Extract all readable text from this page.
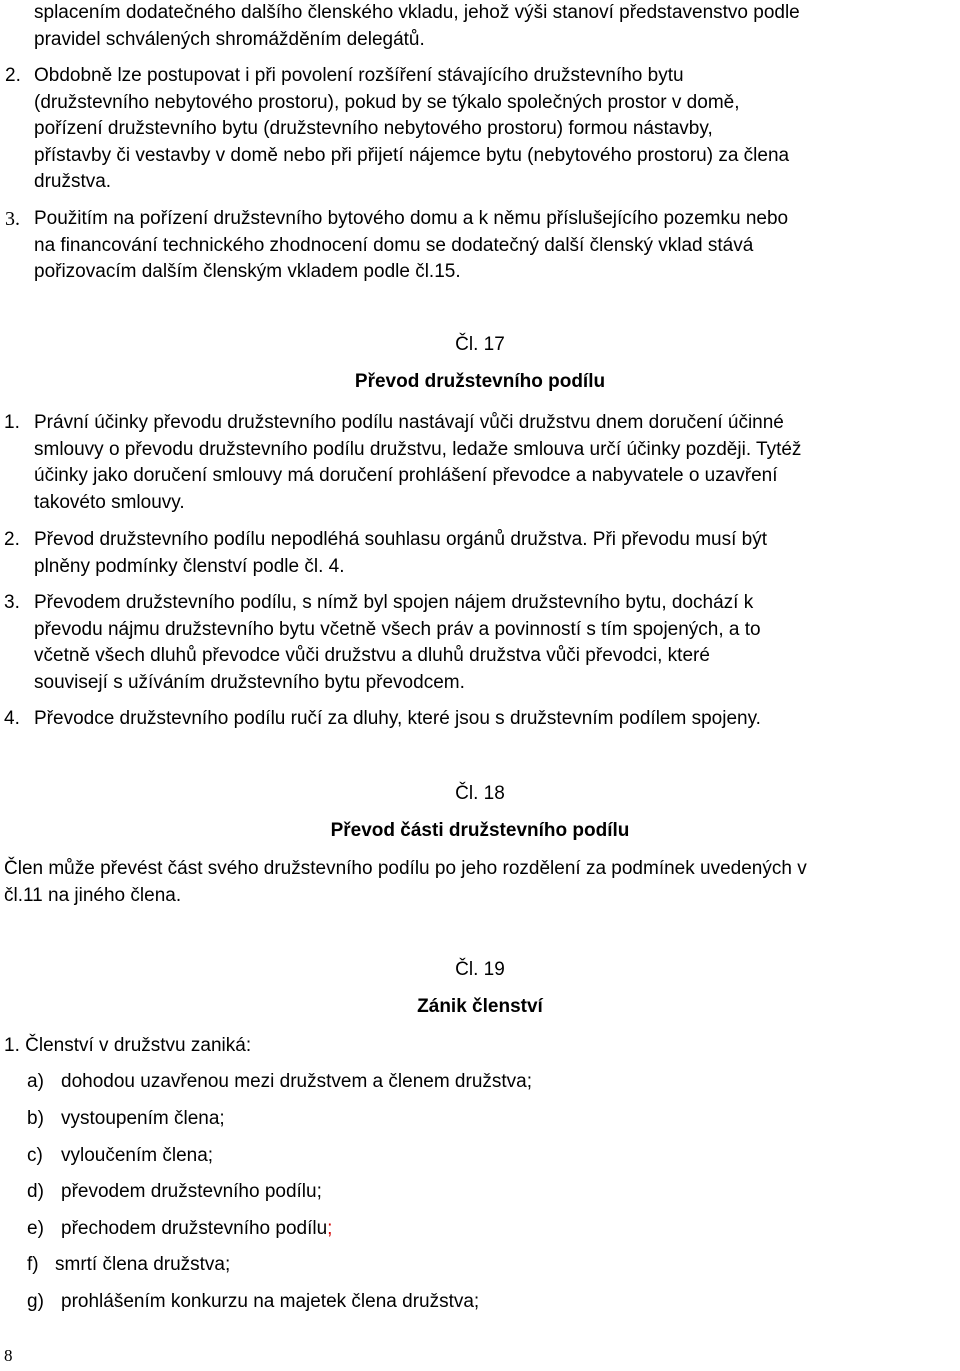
splacením dodatečného dalšího členského vkladu, jehož výši stanoví představenstvo podle
pravidel schválených shromážděním delegátů.
2. Obdobně lze postupovat i při povolení rozšíření stávajícího družstevního bytu
(družstevního nebytového prostoru), pokud by se týkalo společných prostor v domě,
pořízení družstevního bytu (družstevního nebytového prostoru) formou nástavby,
přístavby či vestavby v domě nebo při přijetí nájemce bytu (nebytového prostoru) za člena
družstva.
3. Použitím na pořízení družstevního bytového domu a k němu příslušejícího pozemku nebo
na financování technického zhodnocení domu se dodatečný další členský vklad stává
pořizovacím dalším členským vkladem podle čl.15.
Čl. 17
Převod družstevního podílu
1. Právní účinky převodu družstevního podílu nastávají vůči družstvu dnem doručení účinné
smlouvy o převodu družstevního podílu družstvu, ledaže smlouva určí účinky později. Tytéž
účinky jako doručení smlouvy má doručení prohlášení převodce a nabyvatele o uzavření
takovéto smlouvy.
2. Převod družstevního podílu nepodléhá souhlasu orgánů družstva. Při převodu musí být
plněny podmínky členství podle čl. 4.
3. Převodem družstevního podílu, s nímž byl spojen nájem družstevního bytu, dochází k
převodu nájmu družstevního bytu včetně všech práv a povinností s tím spojených, a to
včetně všech dluhů převodce vůči družstvu a dluhů družstva vůči převodci, které
souvisejí s užíváním družstevního bytu převodcem.
4. Převodce družstevního podílu ručí za dluhy, které jsou s družstevním podílem spojeny.
Čl. 18
Převod části družstevního podílu
Člen může převést část svého družstevního podílu po jeho rozdělení za podmínek uvedených v
čl.11 na jiného člena.
Čl. 19
Zánik členství
1. Členství v družstvu zaniká:
a) dohodou uzavřenou mezi družstvem a členem družstva;
b) vystoupením člena;
c) vyloučením člena;
d) převodem družstevního podílu;
e) přechodem družstevního podílu;
f) smrtí člena družstva;
g) prohlášením konkurzu na majetek člena družstva;
8
